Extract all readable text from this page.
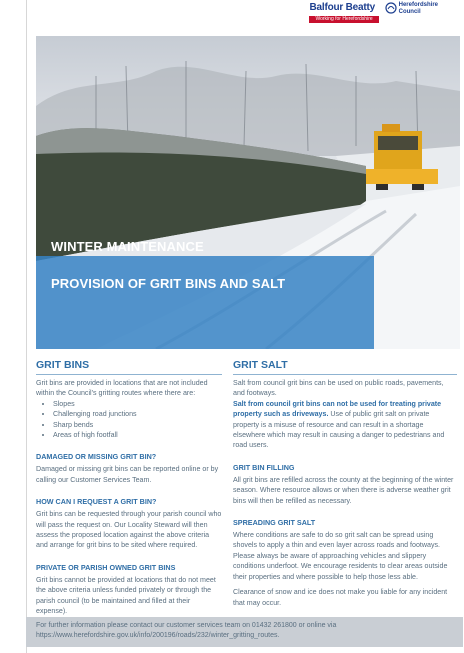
Balfour Beatty
Working for Herefordshire
Herefordshire
Council
WINTER MAINTENANCE
PROVISION OF GRIT BINS AND SALT
GRIT BINS

Grit bins are provided in locations that are not included within the Council’s gritting routes where there are:

• Slopes
• Challenging road junctions
• Sharp bends
• Areas of high footfall
DAMAGED OR MISSING GRIT BIN?

Damaged or missing grit bins can be reported online or by calling our Customer Services Team.

HOW CAN I REQUEST A GRIT BIN?

Grit bins can be requested through your parish council who will pass the request on. Our Locality Steward will then assess the proposed location against the above criteria and arrange for grit bins to be sited where required.

PRIVATE OR PARISH OWNED GRIT BINS

Grit bins cannot be provided at locations that do not meet the above criteria unless funded privately or through the parish council (to be maintained and filled at their expense).

GRIT SALT

Salt from council grit bins can be used on public roads, pavements, and footways.

Salt from council grit bins can not be used for treating private property such as driveways. Use of public grit salt on private property is a misuse of resource and can result in a shortage elsewhere which may result in causing a danger to pedestrians and road users.

GRIT BIN FILLING

All grit bins are refilled across the county at the beginning of the winter season. Where resource allows or when there is adverse weather grit bins will then be refilled as necessary.

SPREADING GRIT SALT

Where conditions are safe to do so grit salt can be spread using shovels to apply a thin and even layer across roads and footways. Please always be aware of approaching vehicles and slippery conditions underfoot. We encourage residents to clear areas outside their properties and where possible to help those less able.

Clearance of snow and ice does not make you liable for any incident that may occur.

For further information please contact our customer services team on 01432 261800 or online via https://www.herefordshire.gov.uk/info/200196/roads/232/winter_gritting_routes.
